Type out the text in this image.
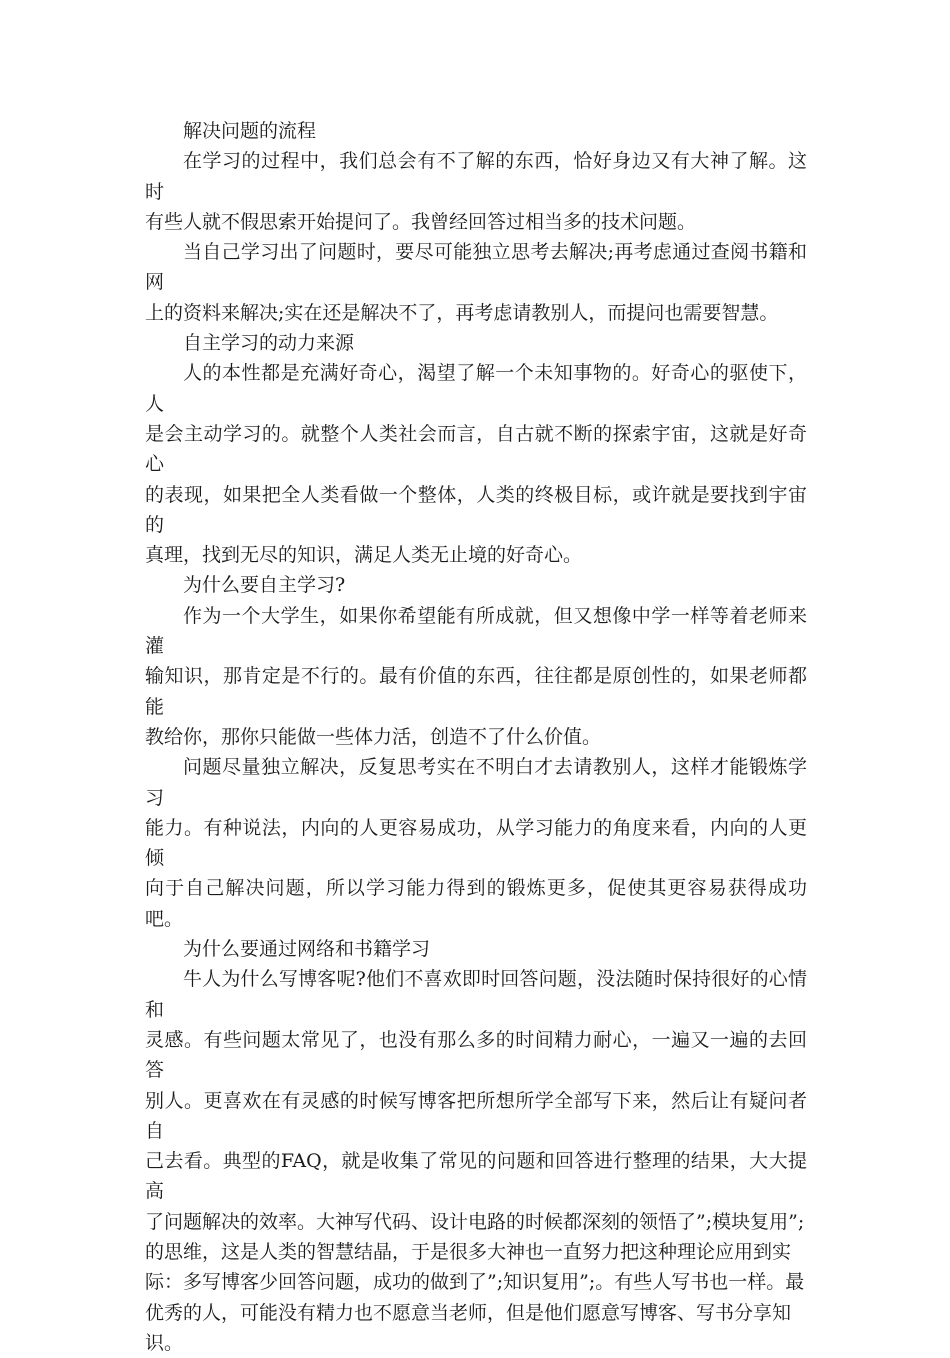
解决问题的流程

在学习的过程中，我们总会有不了解的东西，恰好身边又有大神了解。这时
有些人就不假思索开始提问了。我曾经回答过相当多的技术问题。

当自己学习出了问题时，要尽可能独立思考去解决;再考虑通过查阅书籍和网
上的资料来解决;实在还是解决不了，再考虑请教别人，而提问也需要智慧。

自主学习的动力来源

人的本性都是充满好奇心，渴望了解一个未知事物的。好奇心的驱使下，人
是会主动学习的。就整个人类社会而言，自古就不断的探索宇宙，这就是好奇心
的表现，如果把全人类看做一个整体，人类的终极目标，或许就是要找到宇宙的
真理，找到无尽的知识，满足人类无止境的好奇心。

为什么要自主学习?

作为一个大学生，如果你希望能有所成就，但又想像中学一样等着老师来灌
输知识，那肯定是不行的。最有价值的东西，往往都是原创性的，如果老师都能
教给你，那你只能做一些体力活，创造不了什么价值。

问题尽量独立解决，反复思考实在不明白才去请教别人，这样才能锻炼学习
能力。有种说法，内向的人更容易成功，从学习能力的角度来看，内向的人更倾
向于自己解决问题，所以学习能力得到的锻炼更多，促使其更容易获得成功吧。

为什么要通过网络和书籍学习

牛人为什么写博客呢?他们不喜欢即时回答问题，没法随时保持很好的心情和
灵感。有些问题太常见了，也没有那么多的时间精力耐心，一遍又一遍的去回答
别人。更喜欢在有灵感的时候写博客把所想所学全部写下来，然后让有疑问者自
己去看。典型的FAQ，就是收集了常见的问题和回答进行整理的结果，大大提高
了问题解决的效率。大神写代码、设计电路的时候都深刻的领悟了”;模块复用”;
的思维，这是人类的智慧结晶，于是很多大神也一直努力把这种理论应用到实
际：多写博客少回答问题，成功的做到了”;知识复用”;。有些人写书也一样。最
优秀的人，可能没有精力也不愿意当老师，但是他们愿意写博客、写书分享知
识。
